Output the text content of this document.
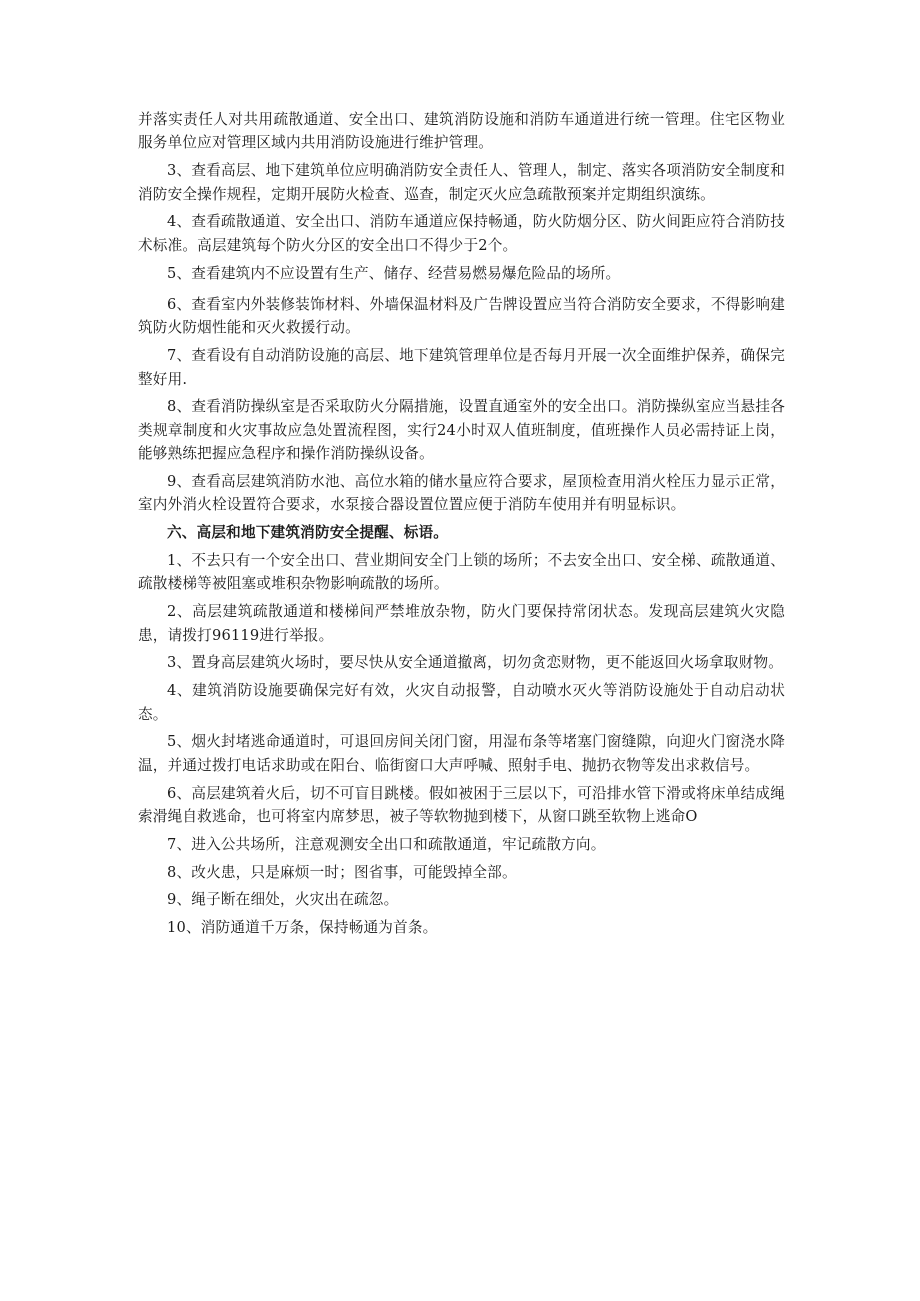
并落实责任人对共用疏散通道、安全出口、建筑消防设施和消防车通道进行统一管理。住宅区物业服务单位应对管理区域内共用消防设施进行维护管理。

3、查看高层、地下建筑单位应明确消防安全责任人、管理人，制定、落实各项消防安全制度和消防安全操作规程，定期开展防火检查、巡查，制定灭火应急疏散预案并定期组织演练。

4、查看疏散通道、安全出口、消防车通道应保持畅通，防火防烟分区、防火间距应符合消防技术标准。高层建筑每个防火分区的安全出口不得少于2个。

5、查看建筑内不应设置有生产、储存、经营易燃易爆危险品的场所。

6、查看室内外装修装饰材料、外墙保温材料及广告牌设置应当符合消防安全要求，不得影响建筑防火防烟性能和灭火救援行动。

7、查看设有自动消防设施的高层、地下建筑管理单位是否每月开展一次全面维护保养，确保完整好用.

8、查看消防操纵室是否采取防火分隔措施，设置直通室外的安全出口。消防操纵室应当悬挂各类规章制度和火灾事故应急处置流程图，实行24小时双人值班制度，值班操作人员必需持证上岗，能够熟练把握应急程序和操作消防操纵设备。

9、查看高层建筑消防水池、高位水箱的储水量应符合要求，屋顶检查用消火栓压力显示正常，室内外消火栓设置符合要求，水泵接合器设置位置应便于消防车使用并有明显标识。

六、高层和地下建筑消防安全提醒、标语。

1、不去只有一个安全出口、营业期间安全门上锁的场所；不去安全出口、安全梯、疏散通道、疏散楼梯等被阻塞或堆积杂物影响疏散的场所。

2、高层建筑疏散通道和楼梯间严禁堆放杂物，防火门要保持常闭状态。发现高层建筑火灾隐患，请拨打96119进行举报。

3、置身高层建筑火场时，要尽快从安全通道撤离，切勿贪恋财物，更不能返回火场拿取财物。

4、建筑消防设施要确保完好有效，火灾自动报警，自动喷水灭火等消防设施处于自动启动状态。

5、烟火封堵逃命通道时，可退回房间关闭门窗，用湿布条等堵塞门窗缝隙，向迎火门窗浇水降温，并通过拨打电话求助或在阳台、临街窗口大声呼喊、照射手电、抛扔衣物等发出求救信号。

6、高层建筑着火后，切不可盲目跳楼。假如被困于三层以下，可沿排水管下滑或将床单结成绳索滑绳自救逃命，也可将室内席梦思，被子等软物抛到楼下，从窗口跳至软物上逃命O

7、进入公共场所，注意观测安全出口和疏散通道，牢记疏散方向。

8、改火患，只是麻烦一时；图省事，可能毁掉全部。

9、绳子断在细处，火灾出在疏忽。

10、消防通道千万条，保持畅通为首条。
